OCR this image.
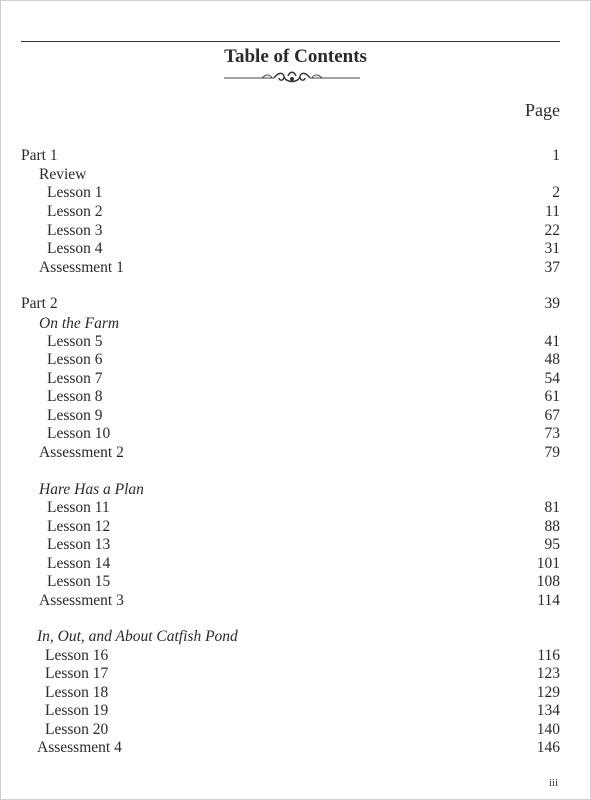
Table of Contents
Page
Part 1	1
Review
Lesson 1	2
Lesson 2	11
Lesson 3	22
Lesson 4	31
Assessment 1	37
Part 2	39
On the Farm
Lesson 5	41
Lesson 6	48
Lesson 7	54
Lesson 8	61
Lesson 9	67
Lesson 10	73
Assessment 2	79
Hare Has a Plan
Lesson 11	81
Lesson 12	88
Lesson 13	95
Lesson 14	101
Lesson 15	108
Assessment 3	114
In, Out, and About Catfish Pond
Lesson 16	116
Lesson 17	123
Lesson 18	129
Lesson 19	134
Lesson 20	140
Assessment 4	146
iii
